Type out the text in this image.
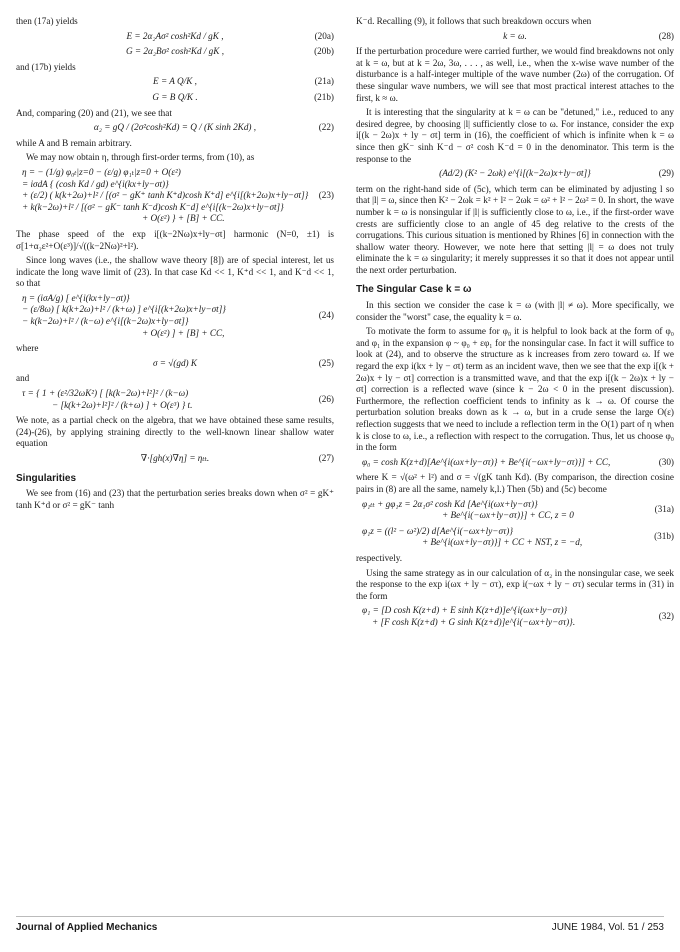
then (17a) yields

E = 2α₂Aσ² cosh²Kd / gK ,	(20a)
G = 2α₂Bσ² cosh²Kd / gK ,	(20b)

and (17b) yields

E = A Q/K ,	(21a)
G = B Q/K .	(21b)

And, comparing (20) and (21), we see that

α₂ = gQ / (2σ²cosh²Kd) = Q / (K sinh 2Kd) ,	(22)

while A and B remain arbitrary.

We may now obtain η, through first-order terms, from (10), as

η = − (1/g) φ₀ₜ|z=0 − (ε/g) φ₁ₜ|z=0 + O(ε²)
= iσdA { (cosh Kd / gd) e^{i(kx+ly−σt)}
+ (ε/2) ( k(k+2ω)+l² / [(σ² − gK⁺ tanh K⁺d)cosh K⁺d] e^{i[(k+2ω)x+ly−σt]}
+ k(k−2ω)+l² / [(σ² − gK⁻ tanh K⁻d)cosh K⁻d] e^{i[(k−2ω)x+ly−σt]}
+ O(ε²) } + [B] + CC.
(23)

The phase speed of the exp i[(k−2Nω)x+ly−σt] harmonic (N=0, ±1) is σ[1+α₂ε²+O(ε³)]/√((k−2Nω)²+l²).

Since long waves (i.e., the shallow wave theory [8]) are of special interest, let us indicate the long wave limit of (23). In that case Kd << 1, K⁺d << 1, and K⁻d << 1, so that

η = (iσA/g) [ e^{i(kx+ly−σt)}
− (ε/8ω) [ k(k+2ω)+l² / (k+ω) ] e^{i[(k+2ω)x+ly−σt]}
− k(k−2ω)+l² / (k−ω) e^{i[(k−2ω)x+ly−σt]}
+ O(ε²) ] + [B] + CC,
(24)

where

σ = √(gd) K	(25)

and

τ = { 1 + (ε²/32ωK²) [ [k(k−2ω)+l²]² / (k−ω)
− [k(k+2ω)+l²]² / (k+ω) ] + O(ε³) } t.
(26)

We note, as a partial check on the algebra, that we have obtained these same results, (24)-(26), by applying straining directly to the well-known linear shallow water equation

∇·[gh(x)∇η] = ηₜₜ.	(27)
Singularities

We see from (16) and (23) that the perturbation series breaks down when σ² = gK⁺ tanh K⁺d or σ² = gK⁻ tanh

K⁻d. Recalling (9), it follows that such breakdown occurs when

k = ω.	(28)

If the perturbation procedure were carried further, we would find breakdowns not only at k = ω, but at k = 2ω, 3ω, . . . , as well, i.e., when the x-wise wave number of the disturbance is a half-integer multiple of the wave number (2ω) of the corrugation. Of these singular wave numbers, we will see that most practical interest attaches to the first, k ≈ ω.

It is interesting that the singularity at k = ω can be "detuned," i.e., reduced to any desired degree, by choosing |l| sufficiently close to ω. For instance, consider the exp i[(k − 2ω)x + ly − σt] term in (16), the coefficient of which is infinite when k = ω since then gK⁻ sinh K⁻d − σ² cosh K⁻d = 0 in the denominator. This term is the response to the

(Ad/2) (K² − 2ωk) e^{i[(k−2ω)x+ly−σt]}	(29)

term on the right-hand side of (5c), which term can be eliminated by adjusting l so that |l| = ω, since then K² − 2ωk = k² + l² − 2ωk = ω² + l² − 2ω² = 0. In short, the wave number k = ω is nonsingular if |l| is sufficiently close to ω, i.e., if the first-order wave crests are sufficiently close to an angle of 45 deg relative to the crests of the corrugations. This curious situation is mentioned by Rhines [6] in connection with the shallow water theory. However, we note here that setting |l| = ω does not truly eliminate the k = ω singularity; it merely suppresses it so that it does not appear until the next order perturbation.

The Singular Case k = ω

In this section we consider the case k = ω (with |l| ≠ ω). More specifically, we consider the "worst" case, the equality k = ω.

To motivate the form to assume for φ₀ it is helpful to look back at the form of φ₀ and φ₁ in the expansion φ ~ φ₀ + εφ₁ for the nonsingular case. In fact it will suffice to look at (24), and to observe the structure as k increases from zero toward ω. If we regard the exp i(kx + ly − σt) term as an incident wave, then we see that the exp i[(k + 2ω)x + ly − σt] correction is a transmitted wave, and that the exp i[(k − 2ω)x + ly − σt] correction is a reflected wave (since k − 2ω < 0 in the present discussion). Furthermore, the reflection coefficient tends to infinity as k → ω. Of course the perturbation solution breaks down as k → ω, but in a crude sense the large O(ε) reflection suggests that we need to include a reflection term in the O(1) part of η when k is close to ω, i.e., a reflection with respect to the corrugation. Thus, let us choose φ₀ in the form

φ₀ = cosh K(z+d)[Ae^{i(ωx+ly−στ)} + Be^{i(−ωx+ly−στ)}] + CC,	(30)

where K = √(ω² + l²) and σ = √(gK tanh Kd). (By comparison, the direction cosine pairs in (8) are all the same, namely k,l.) Then (5b) and (5c) become

φ₁ₜₜ + gφ₁z = 2α₁σ² cosh Kd [Ae^{i(ωx+ly−στ)}
+ Be^{i(−ωx+ly−στ)}] + CC, z = 0
(31a)
φ₁z = ((l² − ω²)/2) d[Ae^{i(−ωx+ly−στ)}
+ Be^{i(ωx+ly−στ)}] + CC + NST, z = −d,
(31b)

respectively.

Using the same strategy as in our calculation of α₂ in the nonsingular case, we seek the response to the exp i(ωx + ly − στ), exp i(−ωx + ly − στ) secular terms in (31) in the form

φ₁ = [D cosh K(z+d) + E sinh K(z+d)]e^{i(ωx+ly−στ)}
+ [F cosh K(z+d) + G sinh K(z+d)]e^{i(−ωx+ly−στ)}.
(32)
Journal of Applied Mechanics	JUNE 1984, Vol. 51 / 253
